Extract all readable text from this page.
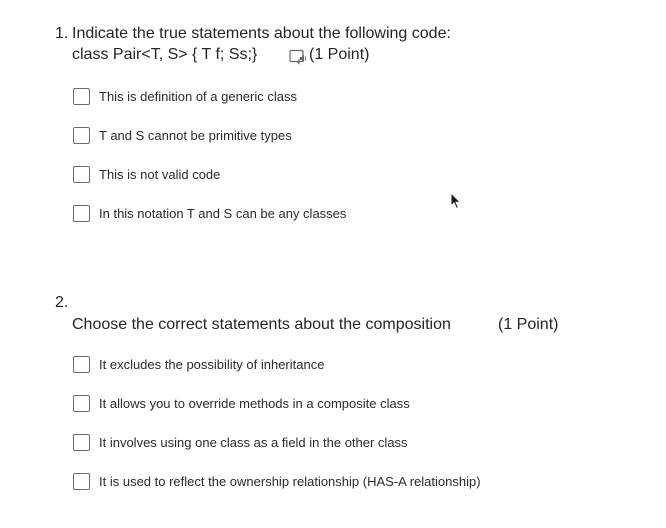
1. Indicate the true statements about the following code:
class Pair<T, S> { T f; Ss;}	(1 Point)
This is definition of a generic class
T and S cannot be primitive types
This is not valid code
In this notation T and S can be any classes
2.
Choose the correct statements about the composition	(1 Point)
It excludes the possibility of inheritance
It allows you to override methods in a composite class
It involves using one class as a field in the other class
It is used to reflect the ownership relationship (HAS-A relationship)
